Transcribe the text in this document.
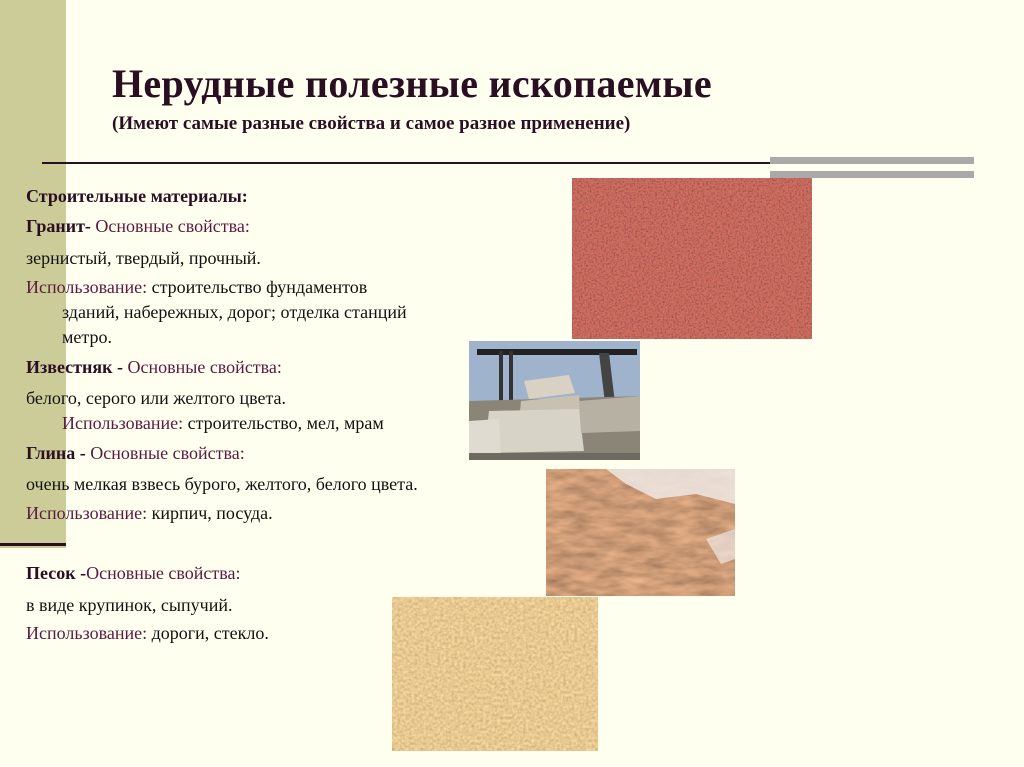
Нерудные полезные ископаемые
(Имеют самые разные свойства и самое разное применение)
Строительные материалы:
Гранит- Основные свойства:
зернистый, твердый, прочный.
Использование: строительство фундаментов
зданий, набережных, дорог; отделка станций
метро.
Известняк - Основные свойства:
белого, серого или желтого цвета.
Использование: строительство, мел, мрам
Глина - Основные свойства:
очень мелкая взвесь бурого, желтого, белого цвета.
Использование: кирпич, посуда.
Песок -Основные свойства:
в виде крупинок, сыпучий.
Использование: дороги, стекло.
